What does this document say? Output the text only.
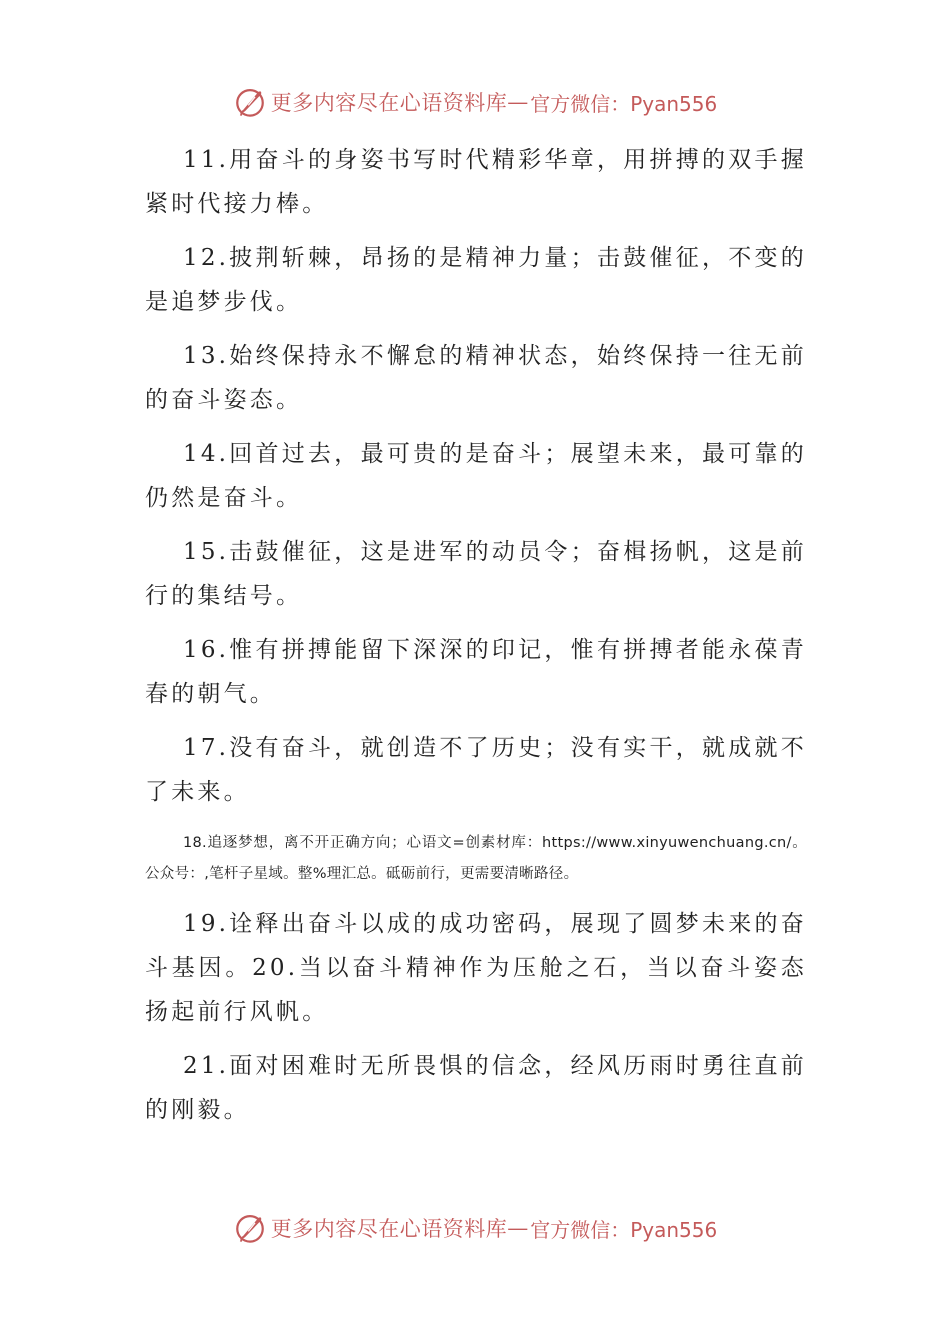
更多内容尽在心语资料库 — 官方微信：Pyan556

11.用奋斗的身姿书写时代精彩华章，用拼搏的双手握紧时代接力棒。

12.披荆斩棘，昂扬的是精神力量；击鼓催征，不变的是追梦步伐。

13.始终保持永不懈怠的精神状态，始终保持一往无前的奋斗姿态。

14.回首过去，最可贵的是奋斗；展望未来，最可靠的仍然是奋斗。

15.击鼓催征，这是进军的动员令；奋楫扬帆，这是前行的集结号。

16.惟有拼搏能留下深深的印记，惟有拼搏者能永葆青春的朝气。

17.没有奋斗，就创造不了历史；没有实干，就成就不了未来。

18.追逐梦想，离不开正确方向；心语文=创素材库：https://www.xinyuwenchuang.cn/。公众号：,笔杆子星域。整%理汇总。砥砺前行，更需要清晰路径。

19.诠释出奋斗以成的成功密码，展现了圆梦未来的奋斗基因。20.当以奋斗精神作为压舱之石，当以奋斗姿态扬起前行风帆。

21.面对困难时无所畏惧的信念，经风历雨时勇往直前的刚毅。

更多内容尽在心语资料库 — 官方微信：Pyan556
